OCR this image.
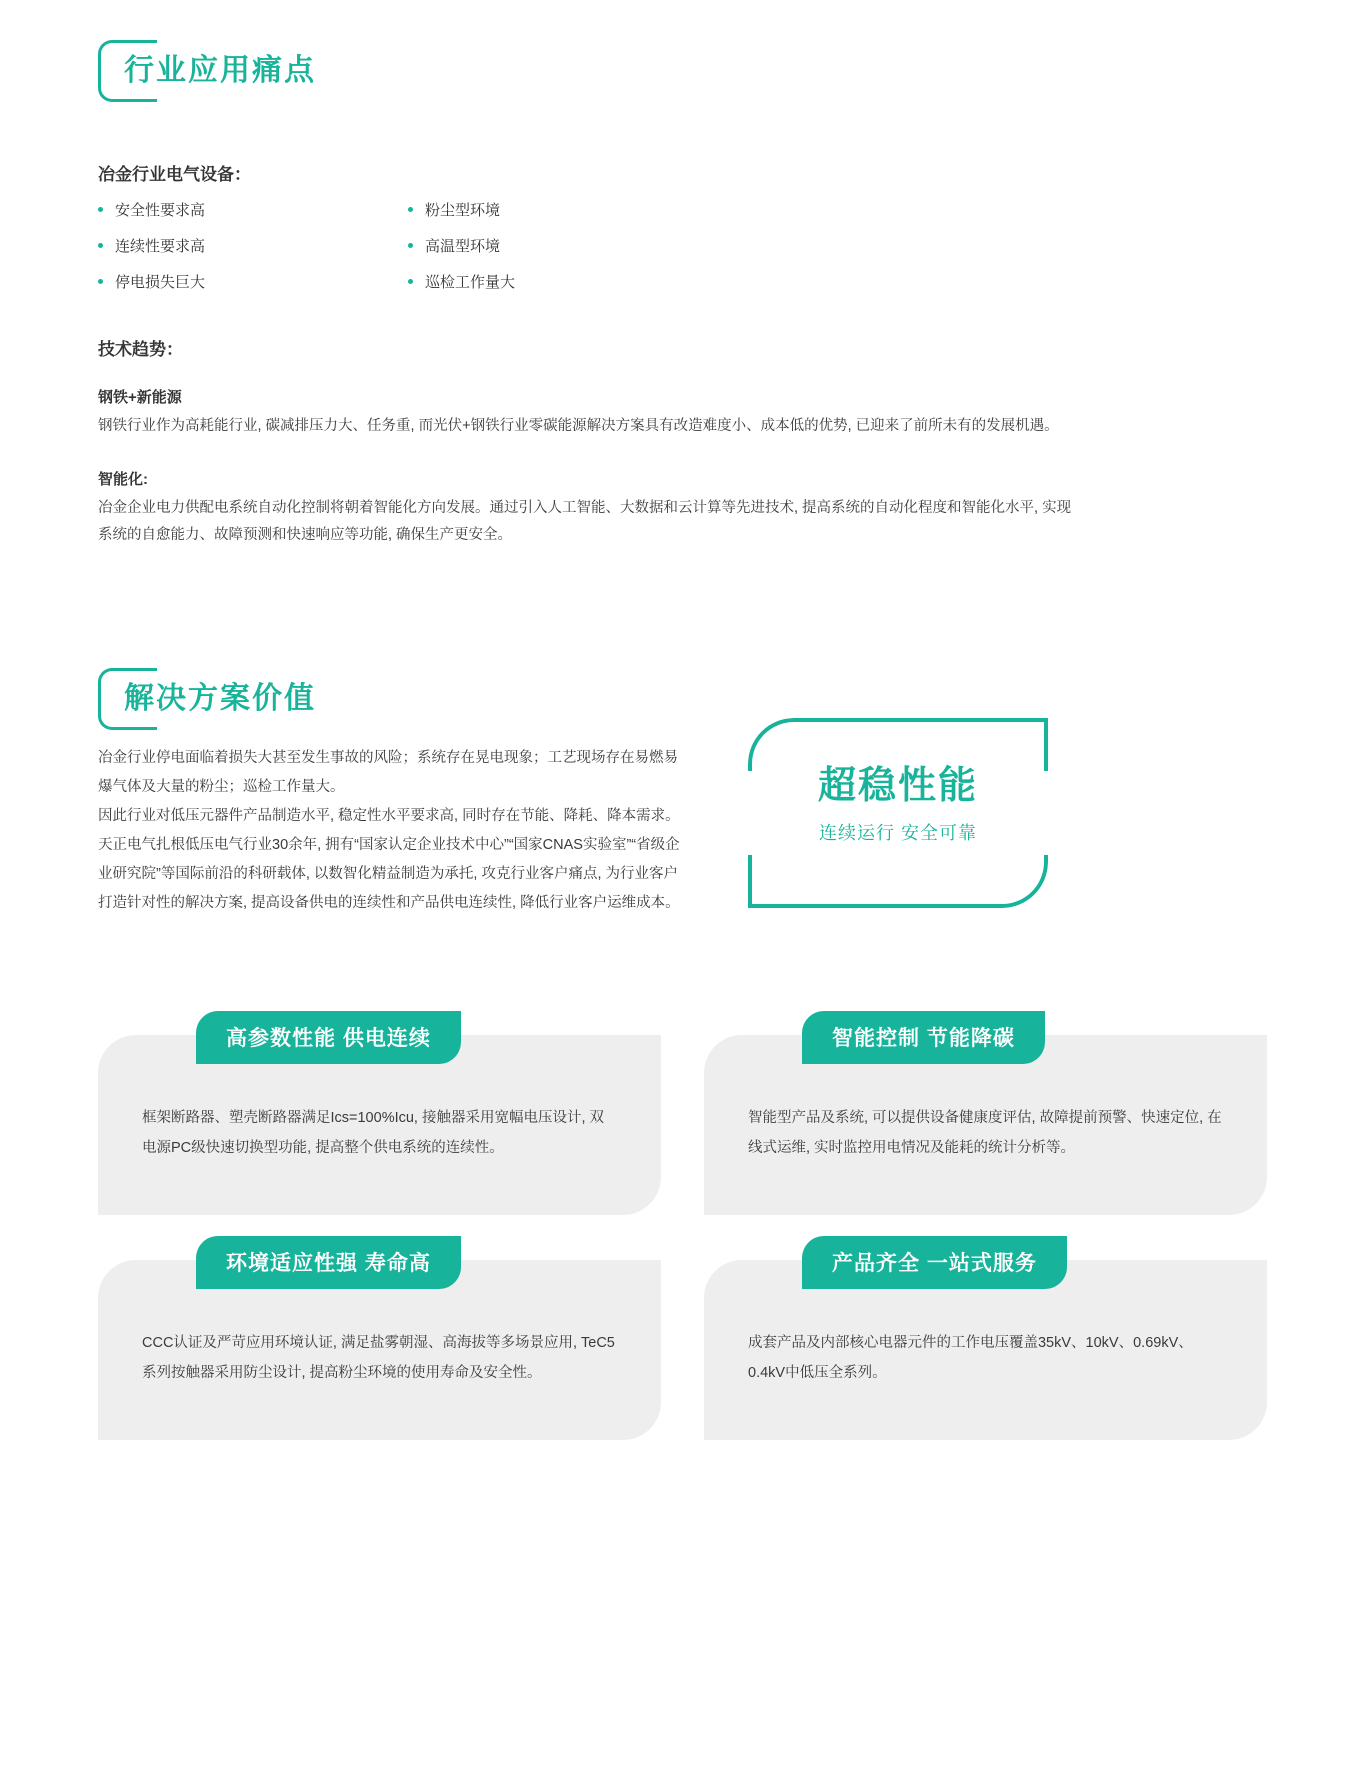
行业应用痛点
冶金行业电气设备：
安全性要求高
连续性要求高
停电损失巨大
粉尘型环境
高温型环境
巡检工作量大
技术趋势：
钢铁+新能源

钢铁行业作为高耗能行业, 碳减排压力大、任务重, 而光伏+钢铁行业零碳能源解决方案具有改造难度小、成本低的优势, 已迎来了前所未有的发展机遇。

智能化:

冶金企业电力供配电系统自动化控制将朝着智能化方向发展。通过引入人工智能、大数据和云计算等先进技术, 提高系统的自动化程度和智能化水平, 实现系统的自愈能力、故障预测和快速响应等功能, 确保生产更安全。

解决方案价值

冶金行业停电面临着损失大甚至发生事故的风险；系统存在晃电现象；工艺现场存在易燃易爆气体及大量的粉尘；巡检工作量大。

因此行业对低压元器件产品制造水平, 稳定性水平要求高, 同时存在节能、降耗、降本需求。天正电气扎根低压电气行业30余年, 拥有“国家认定企业技术中心”“国家CNAS实验室”“省级企业研究院”等国际前沿的科研载体, 以数智化精益制造为承托, 攻克行业客户痛点, 为行业客户打造针对性的解决方案, 提高设备供电的连续性和产品供电连续性, 降低行业客户运维成本。

超稳性能
连续运行 安全可靠
高参数性能 供电连续
框架断路器、塑壳断路器满足Ics=100%Icu, 接触器采用宽幅电压设计, 双电源PC级快速切换型功能, 提高整个供电系统的连续性。
智能控制 节能降碳
智能型产品及系统, 可以提供设备健康度评估, 故障提前预警、快速定位, 在线式运维, 实时监控用电情况及能耗的统计分析等。
环境适应性强 寿命高
CCC认证及严苛应用环境认证, 满足盐雾朝湿、高海拔等多场景应用, TeC5系列按触器采用防尘设计, 提高粉尘环境的使用寿命及安全性。
产品齐全 一站式服务
成套产品及内部核心电器元件的工作电压覆盖35kV、10kV、0.69kV、0.4kV中低压全系列。
